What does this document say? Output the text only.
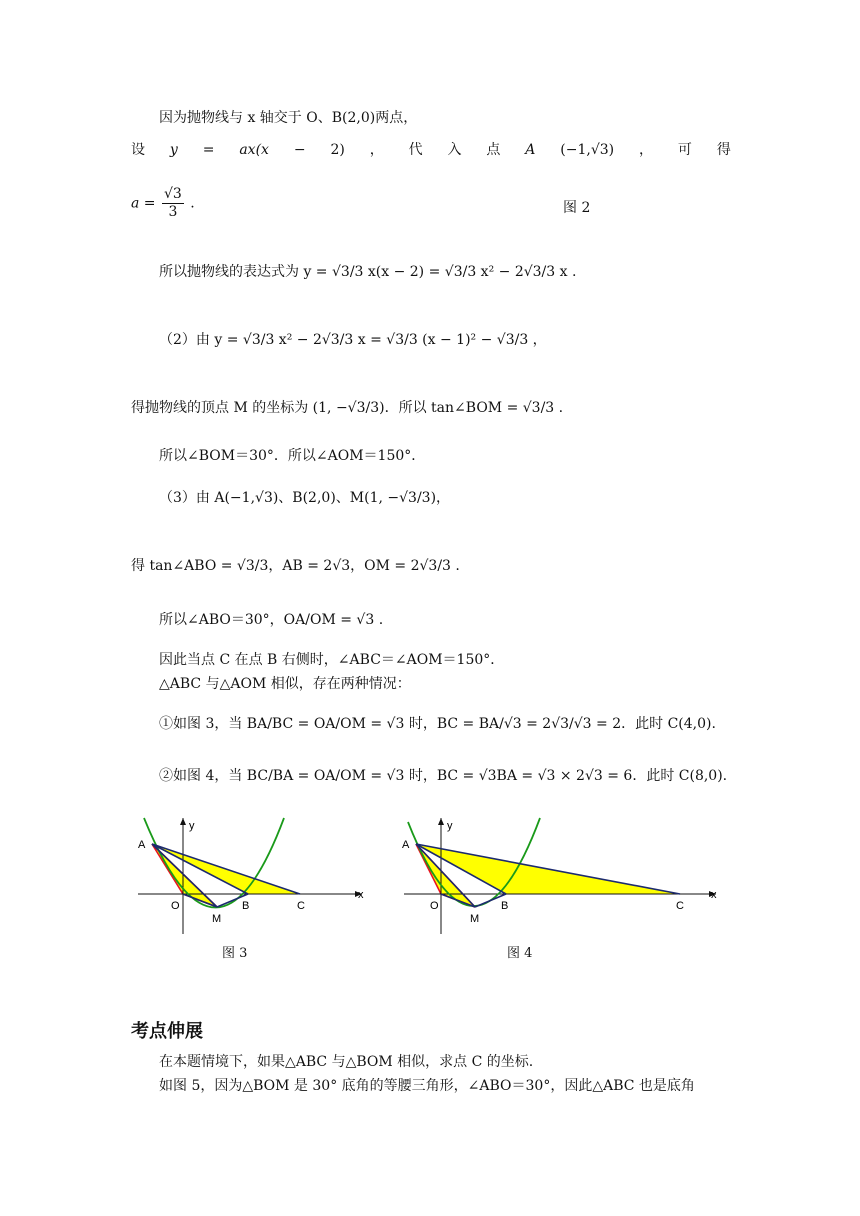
因为抛物线与 x 轴交于 O、B(2,0)两点，
设 y = ax(x − 2) ， 代 入 点 A (−1,√3) ， 可 得
$a = \frac{√3}{3}$ .	图 2
所以抛物线的表达式为 y = √3/3 x(x − 2) = √3/3 x² − 2√3/3 x .
（2）由 y = √3/3 x² − 2√3/3 x = √3/3 (x − 1)² − √3/3 ，
得抛物线的顶点 M 的坐标为 (1, −√3/3)．所以 tan∠BOM = √3/3 .
所以∠BOM＝30°．所以∠AOM＝150°．
（3）由 A(−1,√3)、B(2,0)、M(1, −√3/3)，
得 tan∠ABO = √3/3，AB = 2√3，OM = 2√3/3 .
所以∠ABO＝30°，OA/OM = √3 .
因此当点 C 在点 B 右侧时，∠ABC＝∠AOM＝150°．
△ABC 与△AOM 相似，存在两种情况：
①如图 3，当 BA/BC = OA/OM = √3 时，BC = BA/√3 = 2√3/√3 = 2．此时 C(4,0).
②如图 4，当 BC/BA = OA/OM = √3 时，BC = √3BA = √3 × 2√3 = 6．此时 C(8,0).
A
O
M
B	C
x
y
图 3
A
O
M
B	C
x
y
图 4
考点伸展
在本题情境下，如果△ABC 与△BOM 相似，求点 C 的坐标.
如图 5，因为△BOM 是 30° 底角的等腰三角形，∠ABO＝30°，因此△ABC 也是底角
